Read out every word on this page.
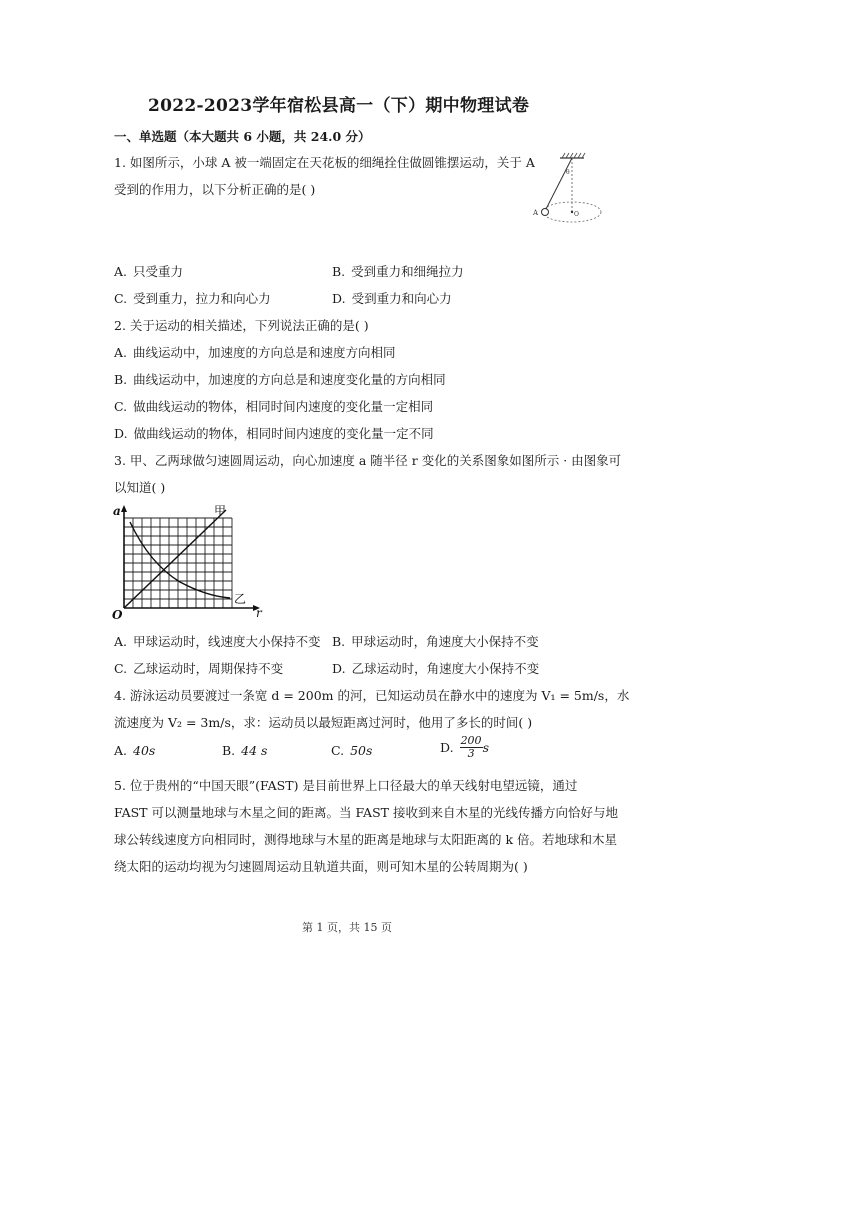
2022-2023学年宿松县高一（下）期中物理试卷
一、单选题（本大题共 6 小题，共 24.0 分）
1. 如图所示，小球 A 被一端固定在天花板的细绳拴住做圆锥摆运动，关于 A
受到的作用力，以下分析正确的是( )
A	O
θ
A. 只受重力	B. 受到重力和细绳拉力
C. 受到重力，拉力和向心力	D. 受到重力和向心力
2. 关于运动的相关描述，下列说法正确的是( )
A. 曲线运动中，加速度的方向总是和速度方向相同
B. 曲线运动中，加速度的方向总是和速度变化量的方向相同
C. 做曲线运动的物体，相同时间内速度的变化量一定相同
D. 做曲线运动的物体，相同时间内速度的变化量一定不同
3. 甲、乙两球做匀速圆周运动，向心加速度 a 随半径 r 变化的关系图象如图所示 · 由图象可
以知道( )
a
r
O
甲
乙
A. 甲球运动时，线速度大小保持不变 B. 甲球运动时，角速度大小保持不变
C. 乙球运动时，周期保持不变	D. 乙球运动时，角速度大小保持不变
4. 游泳运动员要渡过一条宽 d = 200m 的河，已知运动员在静水中的速度为 V₁ = 5m/s，水
流速度为 V₂ = 3m/s，求：运动员以最短距离过河时，他用了多长的时间( )
A. 40s	B. 44 s	C. 50s	D. $\frac{200}{3}$ s
5. 位于贵州的“中国天眼”(FAST) 是目前世界上口径最大的单天线射电望远镜，通过
FAST 可以测量地球与木星之间的距离。当 FAST 接收到来自木星的光线传播方向恰好与地
球公转线速度方向相同时，测得地球与木星的距离是地球与太阳距离的 k 倍。若地球和木星
绕太阳的运动均视为匀速圆周运动且轨道共面，则可知木星的公转周期为( )
第 1 页，共 15 页
